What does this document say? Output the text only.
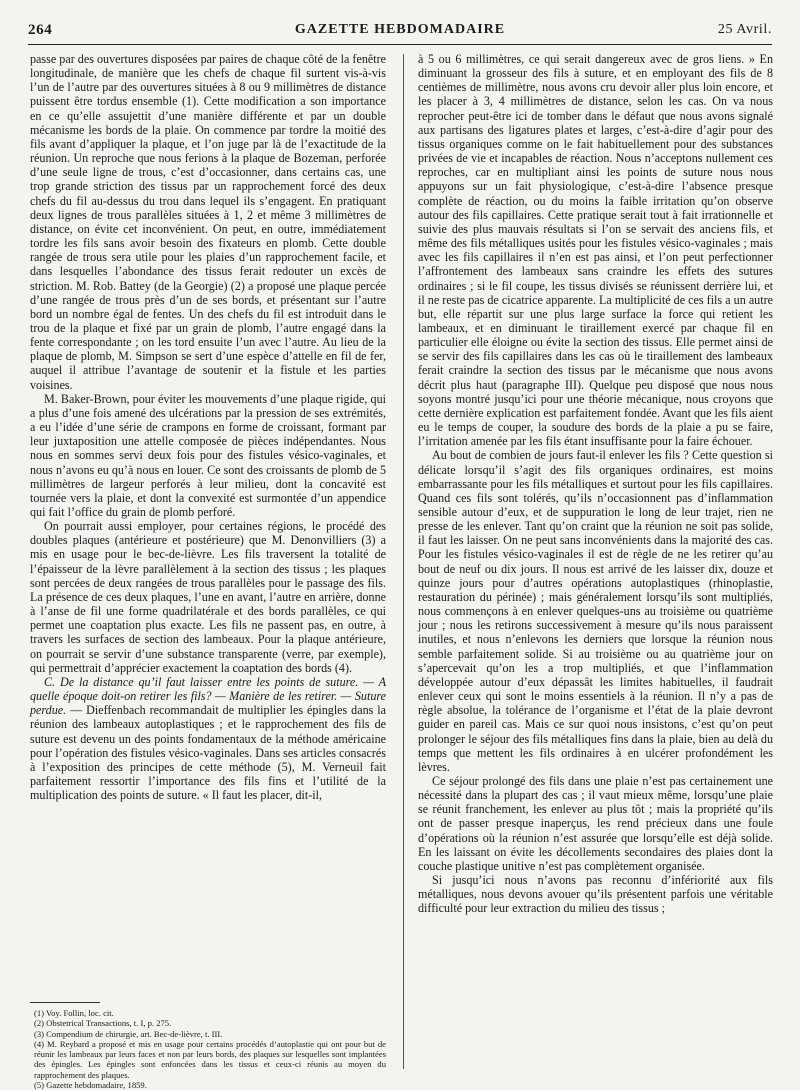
264	GAZETTE HEBDOMADAIRE	25 Avril.

passe par des ouvertures disposées par paires de chaque côté de la fenêtre longitudinale, de manière que les chefs de chaque fil surtent vis-à-vis l’un de l’autre par des ouvertures situées à 8 ou 9 millimètres de distance puissent être tordus ensemble (1). Cette modification a son importance en ce qu’elle assujettit d’une manière différente et par un double mécanisme les bords de la plaie. On commence par tordre la moitié des fils avant d’appliquer la plaque, et l’on juge par là de l’exactitude de la réunion. Un reproche que nous ferions à la plaque de Bozeman, perforée d’une seule ligne de trous, c’est d’occasionner, dans certains cas, une trop grande striction des tissus par un rapprochement forcé des deux chefs du fil au-dessus du trou dans lequel ils s’engagent. En pratiquant deux lignes de trous parallèles situées à 1, 2 et même 3 millimètres de distance, on évite cet inconvénient. On peut, en outre, immédiatement tordre les fils sans avoir besoin des fixateurs en plomb. Cette double rangée de trous sera utile pour les plaies d’un rapprochement facile, et dans lesquelles l’abondance des tissus ferait redouter un excès de striction. M. Rob. Battey (de la Georgie) (2) a proposé une plaque percée d’une rangée de trous près d’un de ses bords, et présentant sur l’autre bord un nombre égal de fentes. Un des chefs du fil est introduit dans le trou de la plaque et fixé par un grain de plomb, l’autre engagé dans la fente correspondante ; on les tord ensuite l’un avec l’autre. Au lieu de la plaque de plomb, M. Simpson se sert d’une espèce d’attelle en fil de fer, auquel il attribue l’avantage de soutenir et la fistule et les parties voisines.

M. Baker-Brown, pour éviter les mouvements d’une plaque rigide, qui a plus d’une fois amené des ulcérations par la pression de ses extrémités, a eu l’idée d’une série de crampons en forme de croissant, formant par leur juxtaposition une attelle composée de pièces indépendantes. Nous nous en sommes servi deux fois pour des fistules vésico-vaginales, et nous n’avons eu qu’à nous en louer. Ce sont des croissants de plomb de 5 millimètres de largeur perforés à leur milieu, dont la concavité est tournée vers la plaie, et dont la convexité est surmontée d’un appendice qui fait l’office du grain de plomb perforé.

On pourrait aussi employer, pour certaines régions, le procédé des doubles plaques (antérieure et postérieure) que M. Denonvilliers (3) a mis en usage pour le bec-de-lièvre. Les fils traversent la totalité de l’épaisseur de la lèvre parallèlement à la section des tissus ; les plaques sont percées de deux rangées de trous parallèles pour le passage des fils. La présence de ces deux plaques, l’une en avant, l’autre en arrière, donne à l’anse de fil une forme quadrilatérale et des bords parallèles, ce qui permet une coaptation plus exacte. Les fils ne passent pas, en outre, à travers les surfaces de section des lambeaux. Pour la plaque antérieure, on pourrait se servir d’une substance transparente (verre, par exemple), qui permettrait d’apprécier exactement la coaptation des bords (4).

C. De la distance qu’il faut laisser entre les points de suture. — A quelle époque doit-on retirer les fils? — Manière de les retirer. — Suture perdue. — Dieffenbach recommandait de multiplier les épingles dans la réunion des lambeaux autoplastiques ; et le rapprochement des fils de suture est devenu un des points fondamentaux de la méthode américaine pour l’opération des fistules vésico-vaginales. Dans ses articles consacrés à l’exposition des principes de cette méthode (5), M. Verneuil fait parfaitement ressortir l’importance des fils fins et l’utilité de la multiplication des points de suture. « Il faut les placer, dit-il,

(1) Voy. Follin, loc. cit.

(2) Obstetrical Transactions, t. I, p. 275.

(3) Compendium de chirurgie, art. Bec-de-lièvre, t. III.

(4) M. Reybard a proposé et mis en usage pour certains procédés d’autoplastie qui ont pour but de réunir les lambeaux par leurs faces et non par leurs bords, des plaques sur lesquelles sont implantées des épingles. Les épingles sont enfoncées dans les tissus et ceux-ci réunis au moyen du rapprochement des plaques.

(5) Gazette hebdomadaire, 1859.

à 5 ou 6 millimètres, ce qui serait dangereux avec de gros liens. » En diminuant la grosseur des fils à suture, et en employant des fils de 8 centièmes de millimètre, nous avons cru devoir aller plus loin encore, et les placer à 3, 4 millimètres de distance, selon les cas. On va nous reprocher peut-être ici de tomber dans le défaut que nous avons signalé aux partisans des ligatures plates et larges, c’est-à-dire d’agir pour des tissus organiques comme on le fait habituellement pour des substances privées de vie et incapables de réaction. Nous n’acceptons nullement ces reproches, car en multipliant ainsi les points de suture nous nous appuyons sur un fait physiologique, c’est-à-dire l’absence presque complète de réaction, ou du moins la faible irritation qu’on observe autour des fils capillaires. Cette pratique serait tout à fait irrationnelle et suivie des plus mauvais résultats si l’on se servait des anciens fils, et même des fils métalliques usités pour les fistules vésico-vaginales ; mais avec les fils capillaires il n’en est pas ainsi, et l’on peut perfectionner l’affrontement des lambeaux sans craindre les effets des sutures ordinaires ; si le fil coupe, les tissus divisés se réunissent derrière lui, et il ne reste pas de cicatrice apparente. La multiplicité de ces fils a un autre but, elle répartit sur une plus large surface la force qui retient les lambeaux, et en diminuant le tiraillement exercé par chaque fil en particulier elle éloigne ou évite la section des tissus. Elle permet ainsi de se servir des fils capillaires dans les cas où le tiraillement des lambeaux ferait craindre la section des tissus par le mécanisme que nous avons décrit plus haut (paragraphe III). Quelque peu disposé que nous nous soyons montré jusqu’ici pour une théorie mécanique, nous croyons que cette dernière explication est parfaitement fondée. Avant que les fils aient eu le temps de couper, la soudure des bords de la plaie a pu se faire, l’irritation amenée par les fils étant insuffisante pour la faire échouer.

Au bout de combien de jours faut-il enlever les fils ? Cette question si délicate lorsqu’il s’agit des fils organiques ordinaires, est moins embarrassante pour les fils métalliques et surtout pour les fils capillaires. Quand ces fils sont tolérés, qu’ils n’occasionnent pas d’inflammation sensible autour d’eux, et de suppuration le long de leur trajet, rien ne presse de les enlever. Tant qu’on craint que la réunion ne soit pas solide, il faut les laisser. On ne peut sans inconvénients dans la majorité des cas. Pour les fistules vésico-vaginales il est de règle de ne les retirer qu’au bout de neuf ou dix jours. Il nous est arrivé de les laisser dix, douze et quinze jours pour d’autres opérations autoplastiques (rhinoplastie, restauration du périnée) ; mais généralement lorsqu’ils sont multipliés, nous commençons à en enlever quelques-uns au troisième ou quatrième jour ; nous les retirons successivement à mesure qu’ils nous paraissent inutiles, et nous n’enlevons les derniers que lorsque la réunion nous semble parfaitement solide. Si au troisième ou au quatrième jour on s’apercevait qu’on les a trop multipliés, et que l’inflammation développée autour d’eux dépassât les limites habituelles, il faudrait enlever ceux qui sont le moins essentiels à la réunion. Il n’y a pas de règle absolue, la tolérance de l’organisme et l’état de la plaie devront guider en pareil cas. Mais ce sur quoi nous insistons, c’est qu’on peut prolonger le séjour des fils métalliques fins dans la plaie, bien au delà du temps que mettent les fils ordinaires à en ulcérer profondément les lèvres.

Ce séjour prolongé des fils dans une plaie n’est pas certainement une nécessité dans la plupart des cas ; il vaut mieux même, lorsqu’une plaie se réunit franchement, les enlever au plus tôt ; mais la propriété qu’ils ont de passer presque inaperçus, les rend précieux dans une foule d’opérations où la réunion n’est assurée que lorsqu’elle est déjà solide. En les laissant on évite les décollements secondaires des plaies dont la couche plastique unitive n’est pas complètement organisée.

Si jusqu’ici nous n’avons pas reconnu d’infériorité aux fils métalliques, nous devons avouer qu’ils présentent parfois une véritable difficulté pour leur extraction du milieu des tissus ;
